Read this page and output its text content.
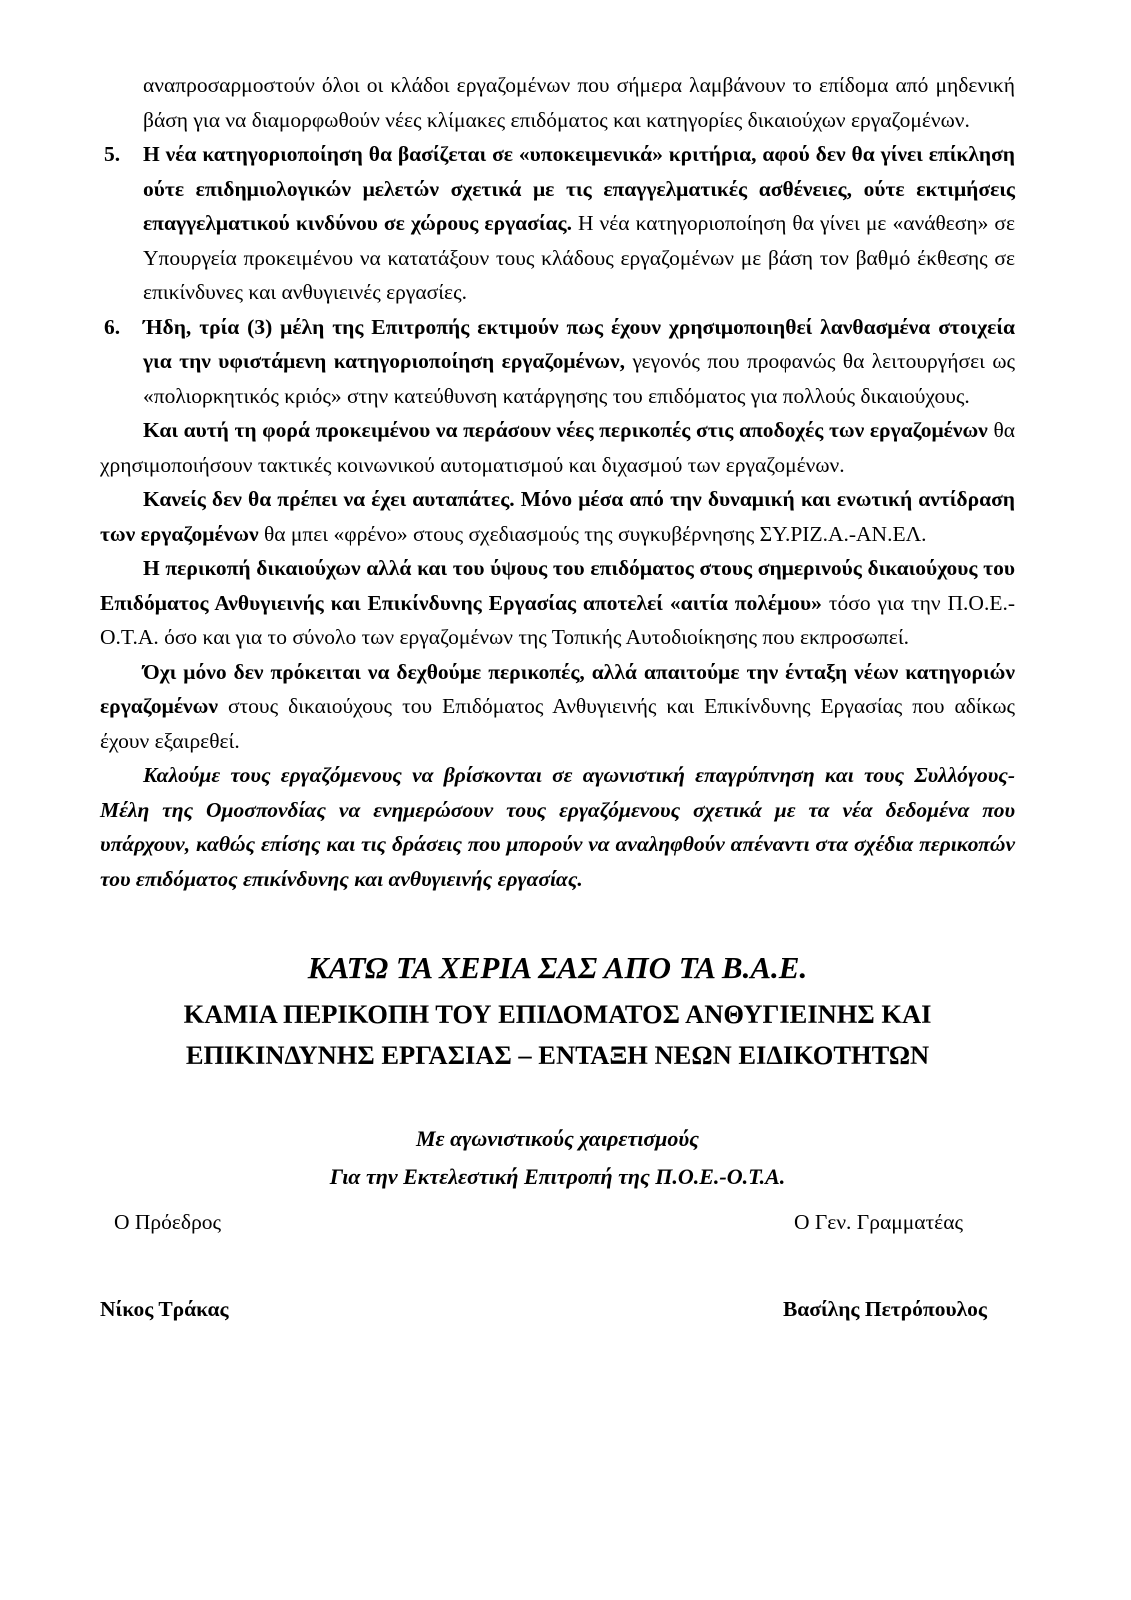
αναπροσαρμοστούν όλοι οι κλάδοι εργαζομένων που σήμερα λαμβάνουν το επίδομα από μηδενική βάση για να διαμορφωθούν νέες κλίμακες επιδόματος και κατηγορίες δικαιούχων εργαζομένων.

5. Η νέα κατηγοριοποίηση θα βασίζεται σε «υποκειμενικά» κριτήρια, αφού δεν θα γίνει επίκληση ούτε επιδημιολογικών μελετών σχετικά με τις επαγγελματικές ασθένειες, ούτε εκτιμήσεις επαγγελματικού κινδύνου σε χώρους εργασίας. Η νέα κατηγοριοποίηση θα γίνει με «ανάθεση» σε Υπουργεία προκειμένου να κατατάξουν τους κλάδους εργαζομένων με βάση τον βαθμό έκθεσης σε επικίνδυνες και ανθυγιεινές εργασίες.
6. Ήδη, τρία (3) μέλη της Επιτροπής εκτιμούν πως έχουν χρησιμοποιηθεί λανθασμένα στοιχεία για την υφιστάμενη κατηγοριοποίηση εργαζομένων, γεγονός που προφανώς θα λειτουργήσει ως «πολιορκητικός κριός» στην κατεύθυνση κατάργησης του επιδόματος για πολλούς δικαιούχους.

Και αυτή τη φορά προκειμένου να περάσουν νέες περικοπές στις αποδοχές των εργαζομένων θα χρησιμοποιήσουν τακτικές κοινωνικού αυτοματισμού και διχασμού των εργαζομένων.

Κανείς δεν θα πρέπει να έχει αυταπάτες. Μόνο μέσα από την δυναμική και ενωτική αντίδραση των εργαζομένων θα μπει «φρένο» στους σχεδιασμούς της συγκυβέρνησης ΣΥ.ΡΙΖ.Α.-ΑΝ.ΕΛ.

Η περικοπή δικαιούχων αλλά και του ύψους του επιδόματος στους σημερινούς δικαιούχους του Επιδόματος Ανθυγιεινής και Επικίνδυνης Εργασίας αποτελεί «αιτία πολέμου» τόσο για την Π.Ο.Ε.-Ο.Τ.Α. όσο και για το σύνολο των εργαζομένων της Τοπικής Αυτοδιοίκησης που εκπροσωπεί.

Όχι μόνο δεν πρόκειται να δεχθούμε περικοπές, αλλά απαιτούμε την ένταξη νέων κατηγοριών εργαζομένων στους δικαιούχους του Επιδόματος Ανθυγιεινής και Επικίνδυνης Εργασίας που αδίκως έχουν εξαιρεθεί.

Καλούμε τους εργαζόμενους να βρίσκονται σε αγωνιστική επαγρύπνηση και τους Συλλόγους-Μέλη της Ομοσπονδίας να ενημερώσουν τους εργαζόμενους σχετικά με τα νέα δεδομένα που υπάρχουν, καθώς επίσης και τις δράσεις που μπορούν να αναληφθούν απέναντι στα σχέδια περικοπών του επιδόματος επικίνδυνης και ανθυγιεινής εργασίας.

ΚΑΤΩ ΤΑ ΧΕΡΙΑ ΣΑΣ ΑΠΟ ΤΑ Β.Α.Ε.
ΚΑΜΙΑ ΠΕΡΙΚΟΠΗ ΤΟΥ ΕΠΙΔΟΜΑΤΟΣ ΑΝΘΥΓΙΕΙΝΗΣ ΚΑΙ ΕΠΙΚΙΝΔΥΝΗΣ ΕΡΓΑΣΙΑΣ – ΕΝΤΑΞΗ ΝΕΩΝ ΕΙΔΙΚΟΤΗΤΩΝ
Με αγωνιστικούς χαιρετισμούς
Για την Εκτελεστική Επιτροπή της Π.Ο.Ε.-Ο.Τ.Α.
Ο Πρόεδρος	Ο Γεν. Γραμματέας
Νίκος Τράκας	Βασίλης Πετρόπουλος
